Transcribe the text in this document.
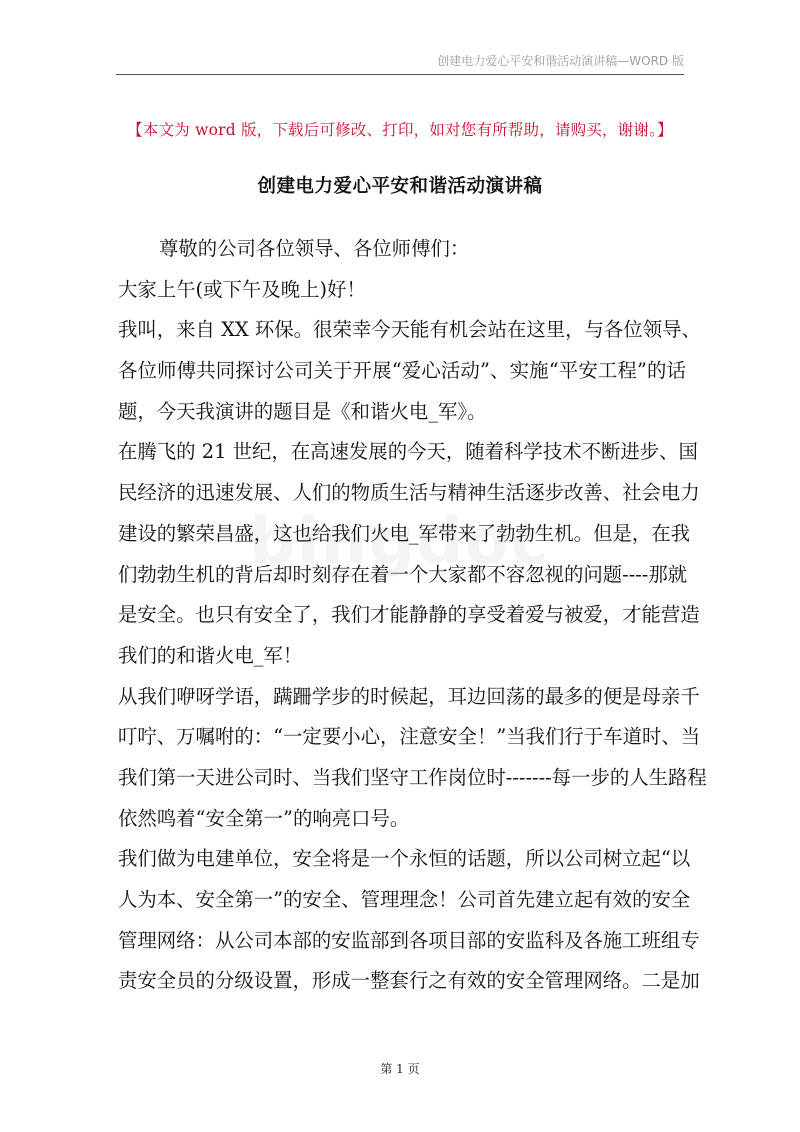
创建电力爱心平安和谐活动演讲稿—WORD 版
【本文为 word 版，下载后可修改、打印，如对您有所帮助，请购买，谢谢。】
创建电力爱心平安和谐活动演讲稿
尊敬的公司各位领导、各位师傅们：
大家上午(或下午及晚上)好！
我叫，来自 XX 环保。很荣幸今天能有机会站在这里，与各位领导、
各位师傅共同探讨公司关于开展“爱心活动”、实施“平安工程”的话
题，今天我演讲的题目是《和谐火电_军》。
在腾飞的 21 世纪，在高速发展的今天，随着科学技术不断进步、国
民经济的迅速发展、人们的物质生活与精神生活逐步改善、社会电力
建设的繁荣昌盛，这也给我们火电_军带来了勃勃生机。但是，在我
们勃勃生机的背后却时刻存在着一个大家都不容忽视的问题----那就
是安全。也只有安全了，我们才能静静的享受着爱与被爱，才能营造
我们的和谐火电_军！
从我们咿呀学语，蹒跚学步的时候起，耳边回荡的最多的便是母亲千
叮咛、万嘱咐的：“一定要小心，注意安全！”当我们行于车道时、当
我们第一天进公司时、当我们坚守工作岗位时-------每一步的人生路程
依然鸣着“安全第一”的响亮口号。
我们做为电建单位，安全将是一个永恒的话题，所以公司树立起“以
人为本、安全第一”的安全、管理理念！公司首先建立起有效的安全
管理网络：从公司本部的安监部到各项目部的安监科及各施工班组专
责安全员的分级设置，形成一整套行之有效的安全管理网络。二是加
第 1 页
